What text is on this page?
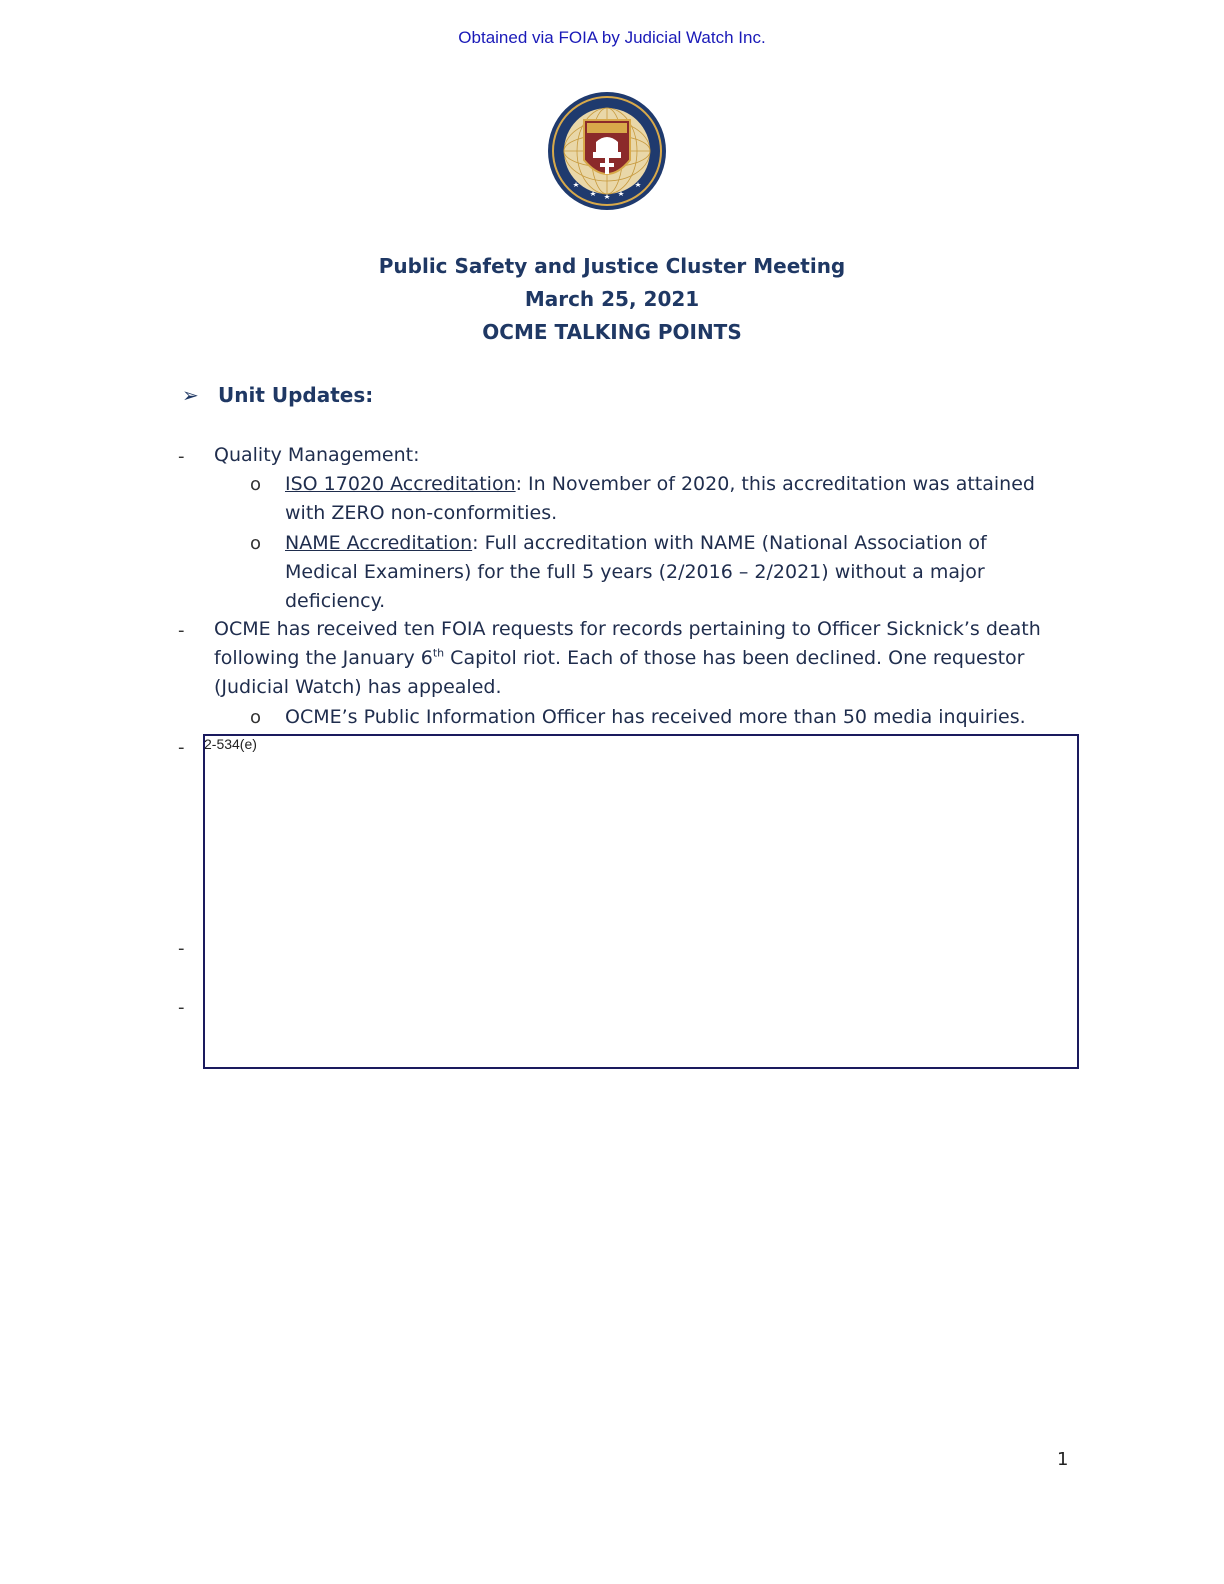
Obtained via FOIA by Judicial Watch Inc.
Public Safety and Justice Cluster Meeting
March 25, 2021
OCME TALKING POINTS
➢ Unit Updates:
- Quality Management:
o ISO 17020 Accreditation: In November of 2020, this accreditation was attained
with ZERO non-conformities.
o NAME Accreditation: Full accreditation with NAME (National Association of
Medical Examiners) for the full 5 years (2/2016 – 2/2021) without a major
deficiency.
- OCME has received ten FOIA requests for records pertaining to Officer Sicknick’s death
following the January 6th Capitol riot. Each of those has been declined. One requestor
(Judicial Watch) has appealed.
o OCME’s Public Information Officer has received more than 50 media inquiries.
-
-
-
2-534(e)
1
